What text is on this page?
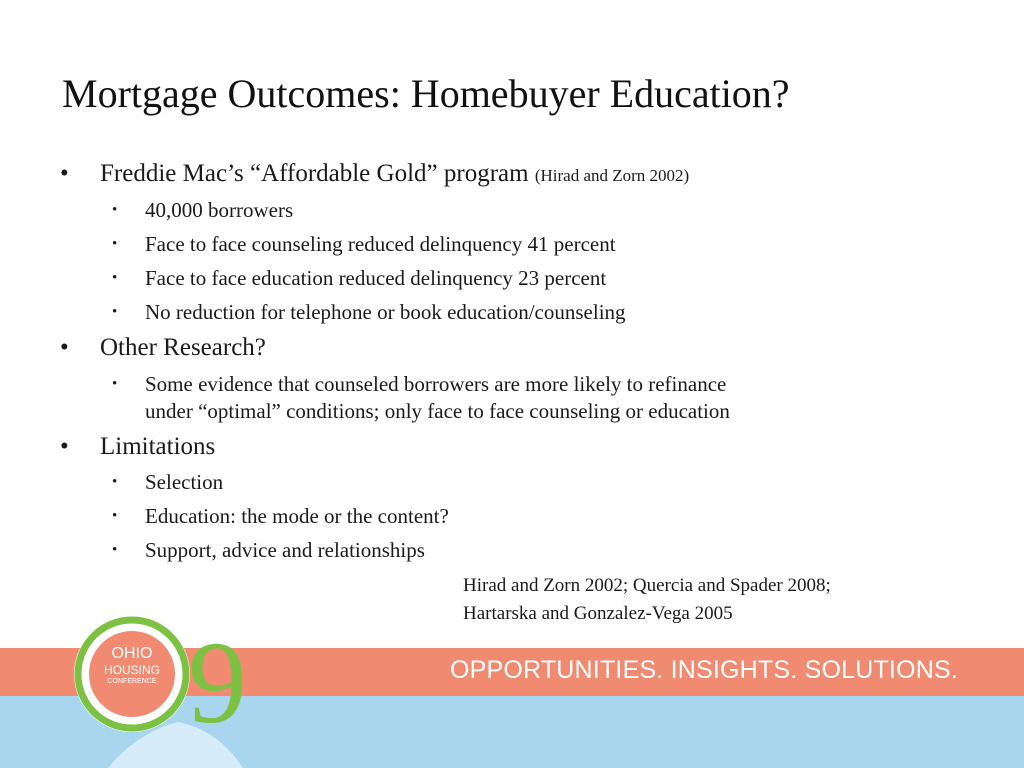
Mortgage Outcomes: Homebuyer Education?
• Freddie Mac’s “Affordable Gold” program (Hirad and Zorn 2002)
• 40,000 borrowers
• Face to face counseling reduced delinquency 41 percent
• Face to face education reduced delinquency 23 percent
• No reduction for telephone or book education/counseling
• Other Research?
• Some evidence that counseled borrowers are more likely to refinance
under “optimal” conditions; only face to face counseling or education
• Limitations
• Selection
• Education: the mode or the content?
• Support, advice and relationships
Hirad and Zorn 2002; Quercia and Spader 2008;
Hartarska and Gonzalez-Vega 2005
OPPORTUNITIES. INSIGHTS. SOLUTIONS.
9
OHIO
HOUSING
CONFERENCE
